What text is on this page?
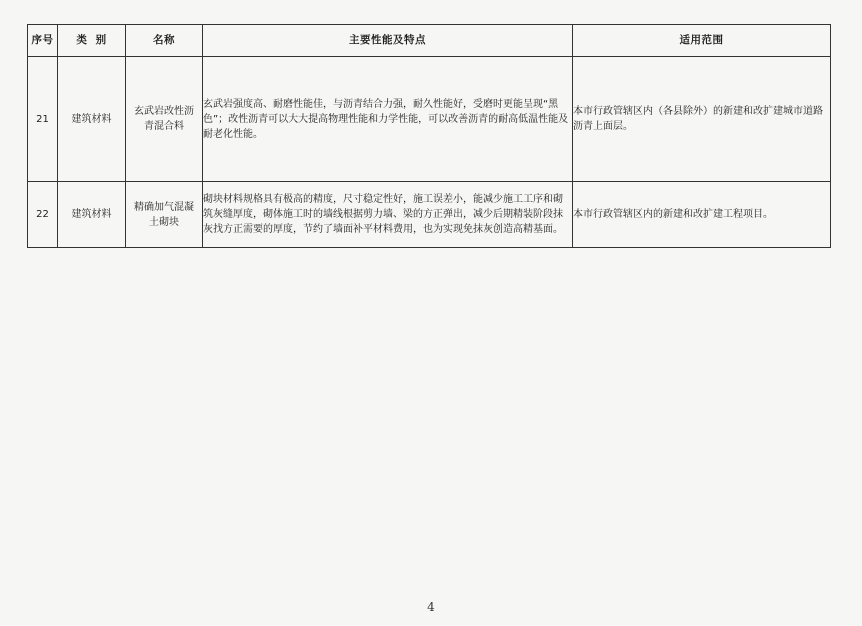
序号	类  别	名称	主要性能及特点	适用范围
21	建筑材料	玄武岩改性沥青混合料	玄武岩强度高、耐磨性能佳，与沥青结合力强，耐久性能好，受磨时更能呈现“黑色”；改性沥青可以大大提高物理性能和力学性能，可以改善沥青的耐高低温性能及耐老化性能。	本市行政管辖区内（各县除外）的新建和改扩建城市道路沥青上面层。
22	建筑材料	精确加气混凝土砌块	砌块材料规格具有极高的精度，尺寸稳定性好，施工误差小，能减少施工工序和砌筑灰缝厚度，砌体施工时的墙线根据剪力墙、梁的方正弹出，减少后期精装阶段抹灰找方正需要的厚度，节约了墙面补平材料费用，也为实现免抹灰创造高精基面。	本市行政管辖区内的新建和改扩建工程项目。
4
